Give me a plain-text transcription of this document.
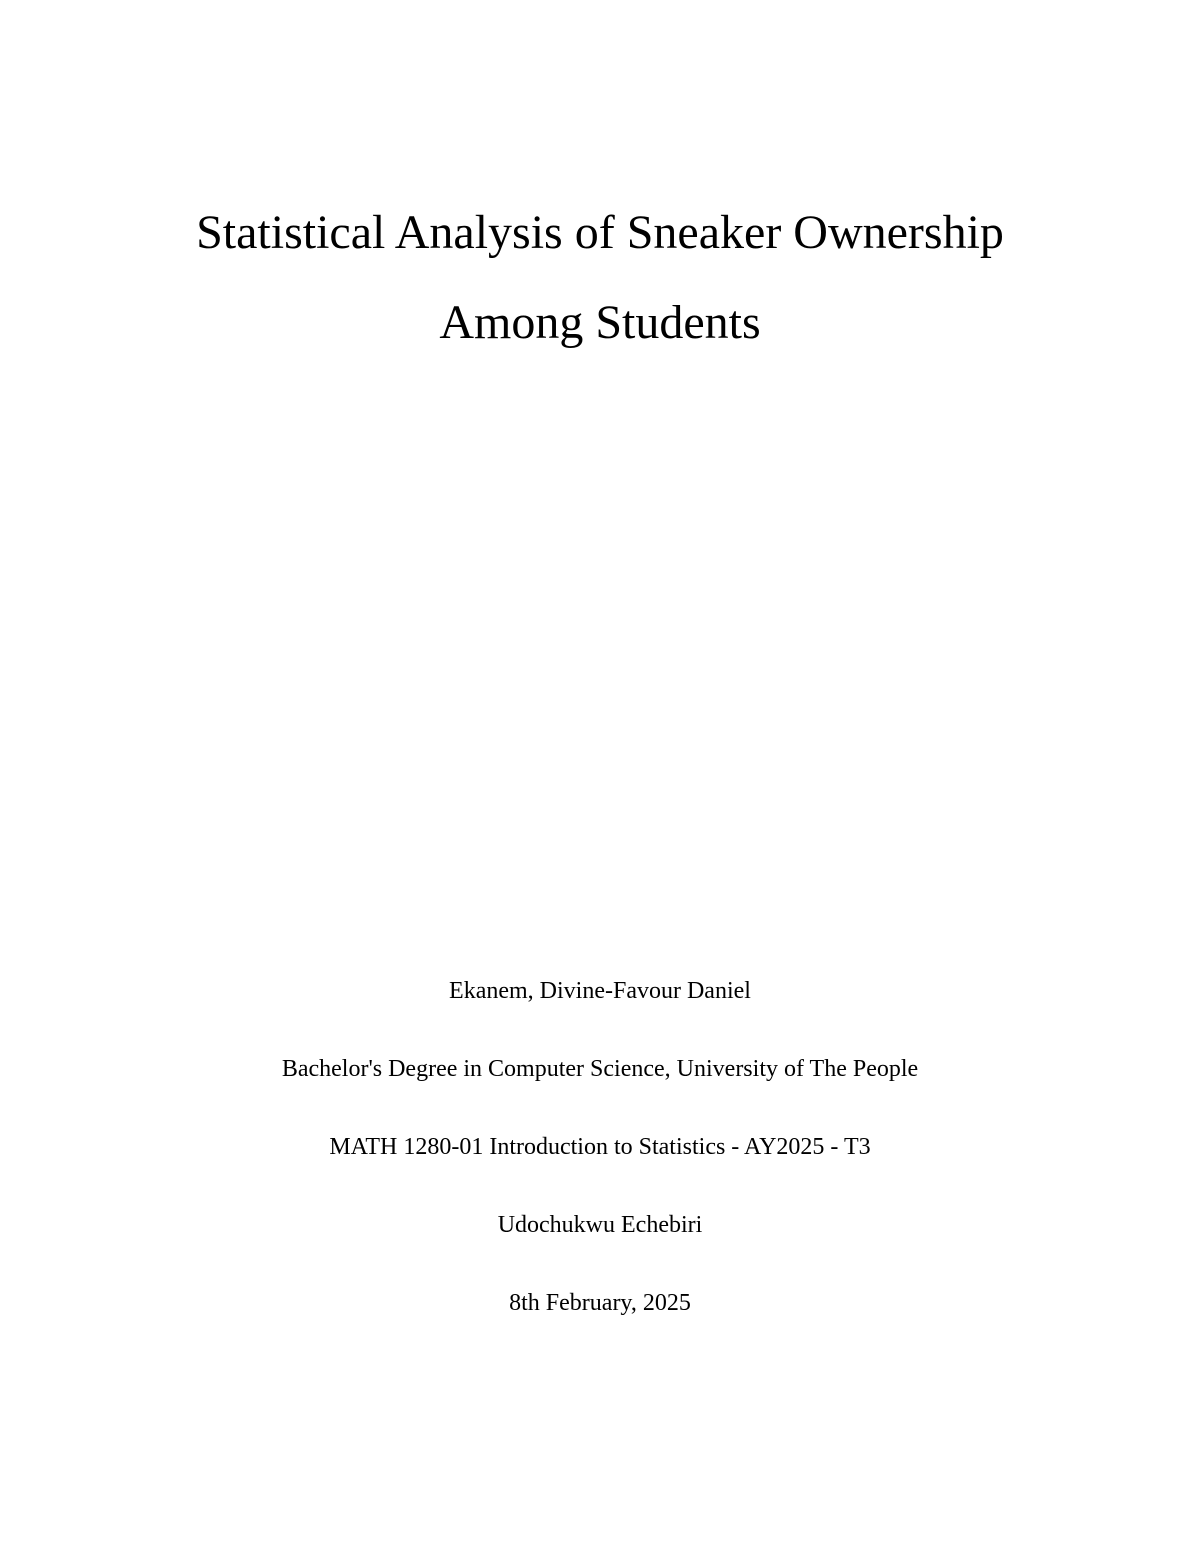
Statistical Analysis of Sneaker Ownership
Among Students
Ekanem, Divine-Favour Daniel
Bachelor's Degree in Computer Science, University of The People
MATH 1280-01 Introduction to Statistics - AY2025 - T3
Udochukwu Echebiri
8th February, 2025
